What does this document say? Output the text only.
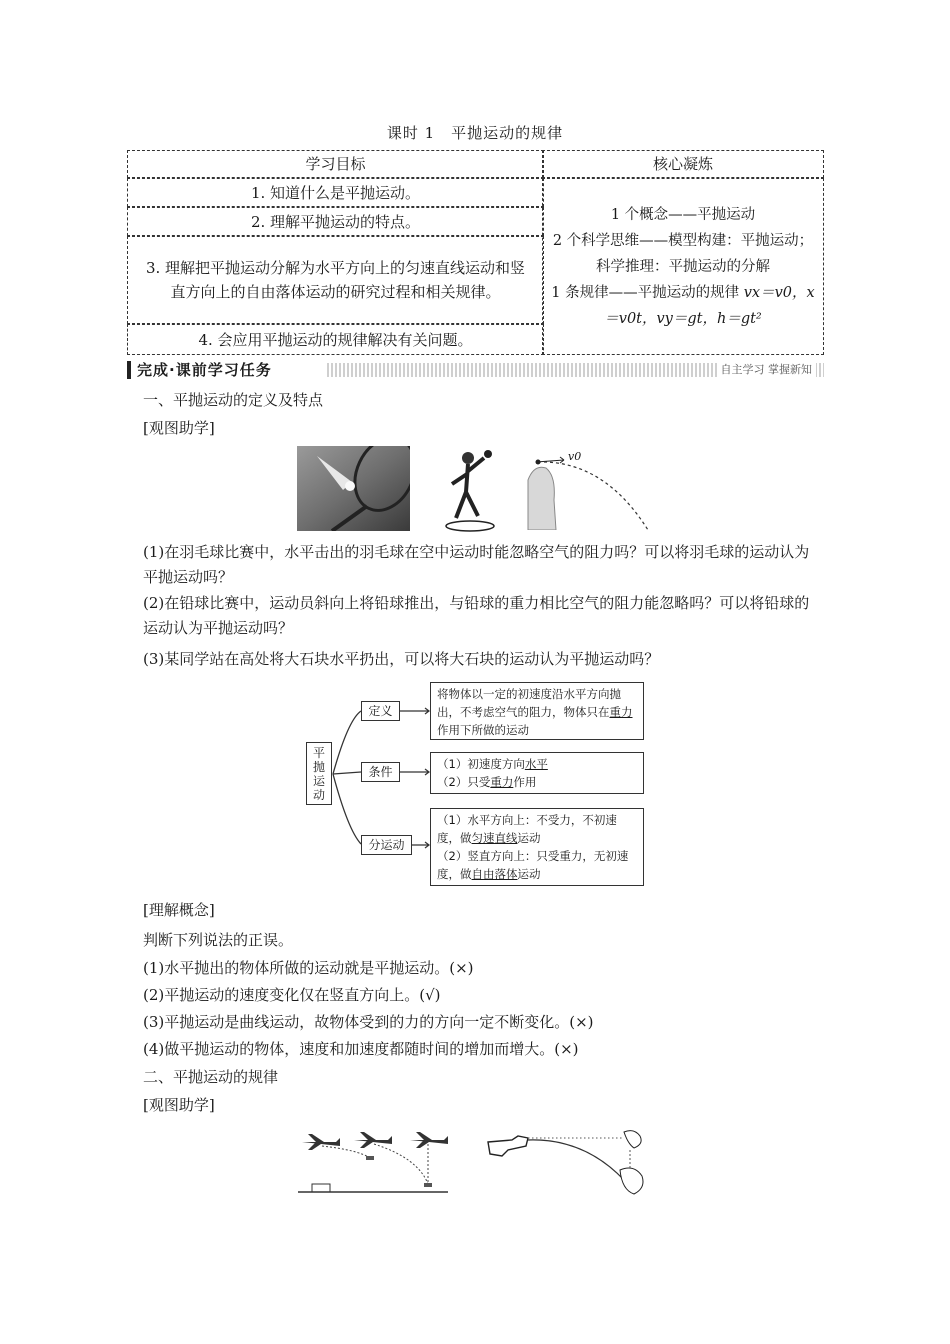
课时 1　平抛运动的规律
学习目标
1. 知道什么是平抛运动。
2. 理解平抛运动的特点。
3. 理解把平抛运动分解为水平方向上的匀速直线运动和竖直方向上的自由落体运动的研究过程和相关规律。
4. 会应用平抛运动的规律解决有关问题。
核心凝炼
1 个概念——平抛运动
2 个科学思维——模型构建：平抛运动；科学推理：平抛运动的分解
1 条规律——平抛运动的规律 vx＝v0，x＝v0t，vy＝gt，h＝gt²
完成·课前学习任务	自主学习 掌握新知
一、平抛运动的定义及特点
[观图助学]
v0
(1)在羽毛球比赛中，水平击出的羽毛球在空中运动时能忽略空气的阻力吗？可以将羽毛球的运动认为平抛运动吗？
(2)在铅球比赛中，运动员斜向上将铅球推出，与铅球的重力相比空气的阻力能忽略吗？可以将铅球的运动认为平抛运动吗？
(3)某同学站在高处将大石块水平扔出，可以将大石块的运动认为平抛运动吗？
平
抛
运
动
定义
条件
分运动
将物体以一定的初速度沿水平方向抛出，不考虑空气的阻力，物体只在重力作用下所做的运动
（1）初速度方向水平
（2）只受重力作用
（1）水平方向上：不受力，不初速度，做匀速直线运动
（2）竖直方向上：只受重力，无初速度，做自由落体运动
[理解概念]
判断下列说法的正误。
(1)水平抛出的物体所做的运动就是平抛运动。(×)
(2)平抛运动的速度变化仅在竖直方向上。(√)
(3)平抛运动是曲线运动，故物体受到的力的方向一定不断变化。(×)
(4)做平抛运动的物体，速度和加速度都随时间的增加而增大。(×)
二、平抛运动的规律
[观图助学]
